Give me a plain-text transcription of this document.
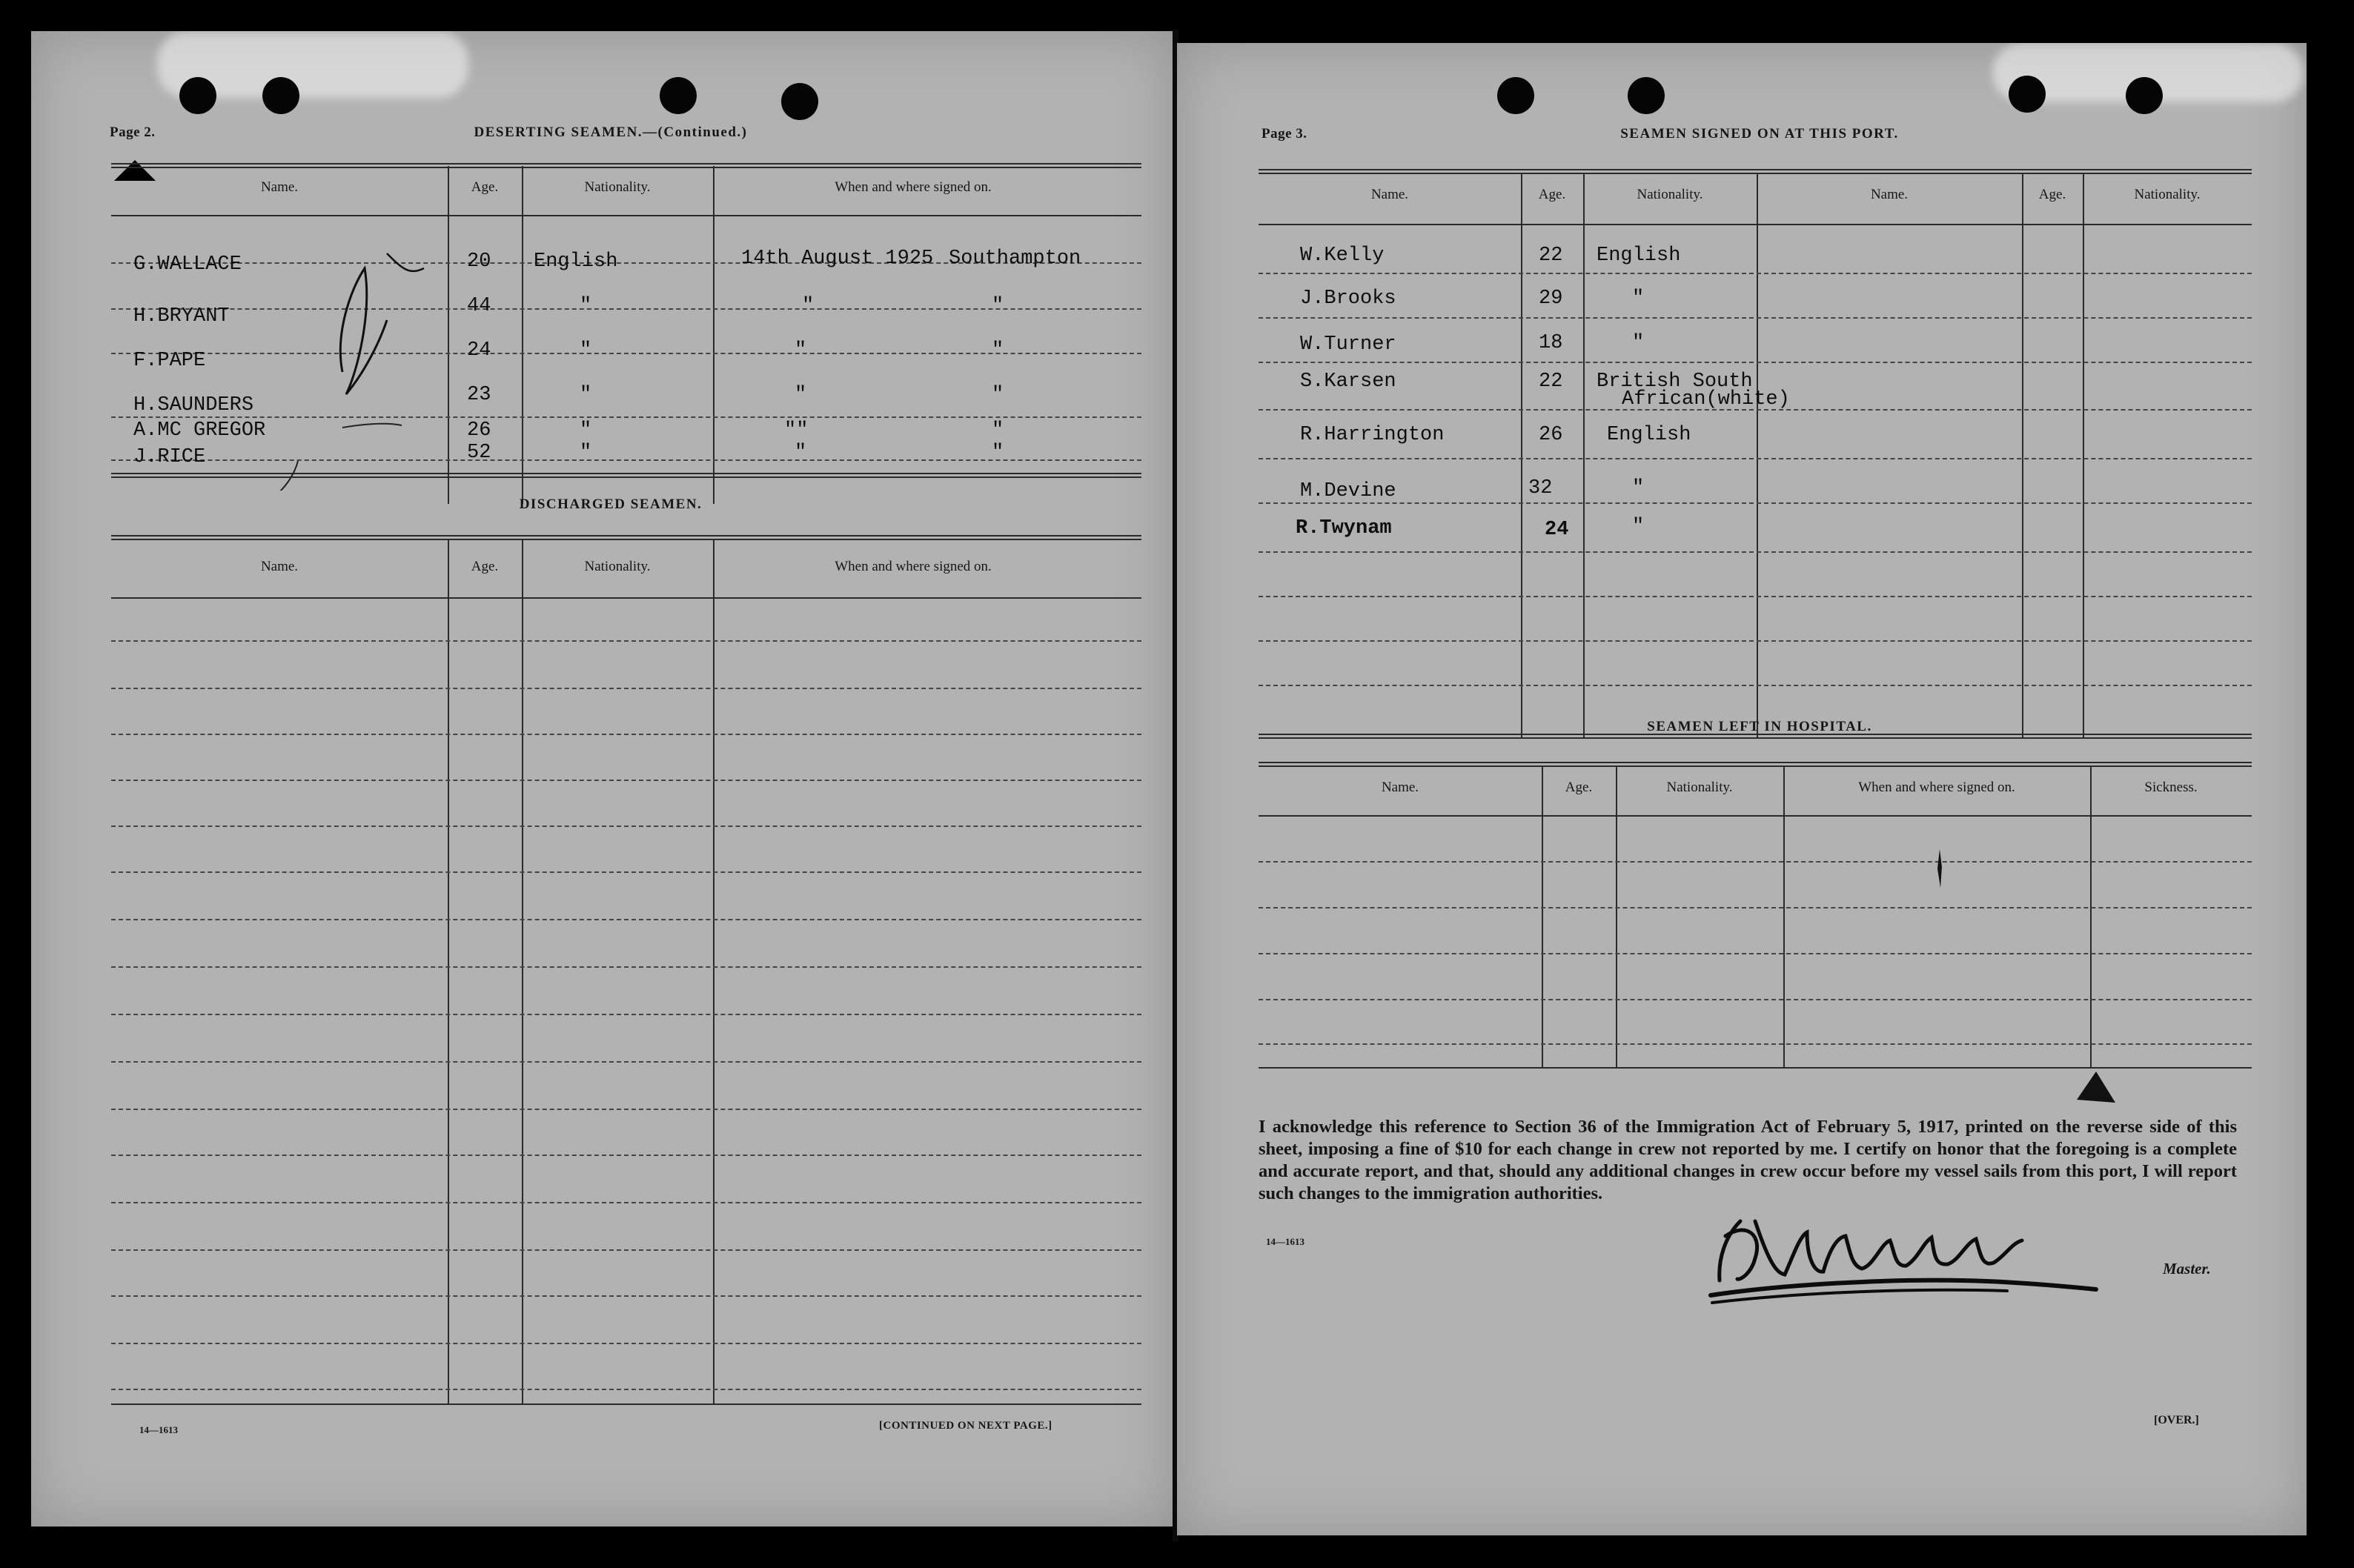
Page 2.	DESERTING SEAMEN.—(Continued.)
Name.	Age.	Nationality.	When and where signed on.
G.WALLACE	20 English	14th August 1925 Southampton
H.BRYANT	44	"	"	"
F.PAPE	24	"	"	"
H.SAUNDERS	23	"	"	"
A.MC GREGOR	26	"	""	"
J.RICE	52	"	"	"
DISCHARGED SEAMEN.
Name.	Age.	Nationality.	When and where signed on.
14—1613	[CONTINUED ON NEXT PAGE.]
Page 3.	SEAMEN SIGNED ON AT THIS PORT.
Name.	Age.	Nationality.	Name.	Age.	Nationality.
W.Kelly	22 English
J.Brooks	29	"
W.Turner	18	"
S.Karsen	22 British South
African(white)
R.Harrington	26 English
M.Devine	32	"
R.Twynam	24	"
SEAMEN LEFT IN HOSPITAL.
Name.	Age.	Nationality.	When and where signed on.	Sickness.
I acknowledge this reference to Section 36 of the Immigration Act of February 5, 1917, printed on the reverse side of this sheet, imposing a fine of $10 for each change in crew not reported by me. I certify on honor that the foregoing is a complete and accurate report, and that, should any additional changes in crew occur before my vessel sails from this port, I will report such changes to the immigration authorities.
14—1613
Master.
[OVER.]
